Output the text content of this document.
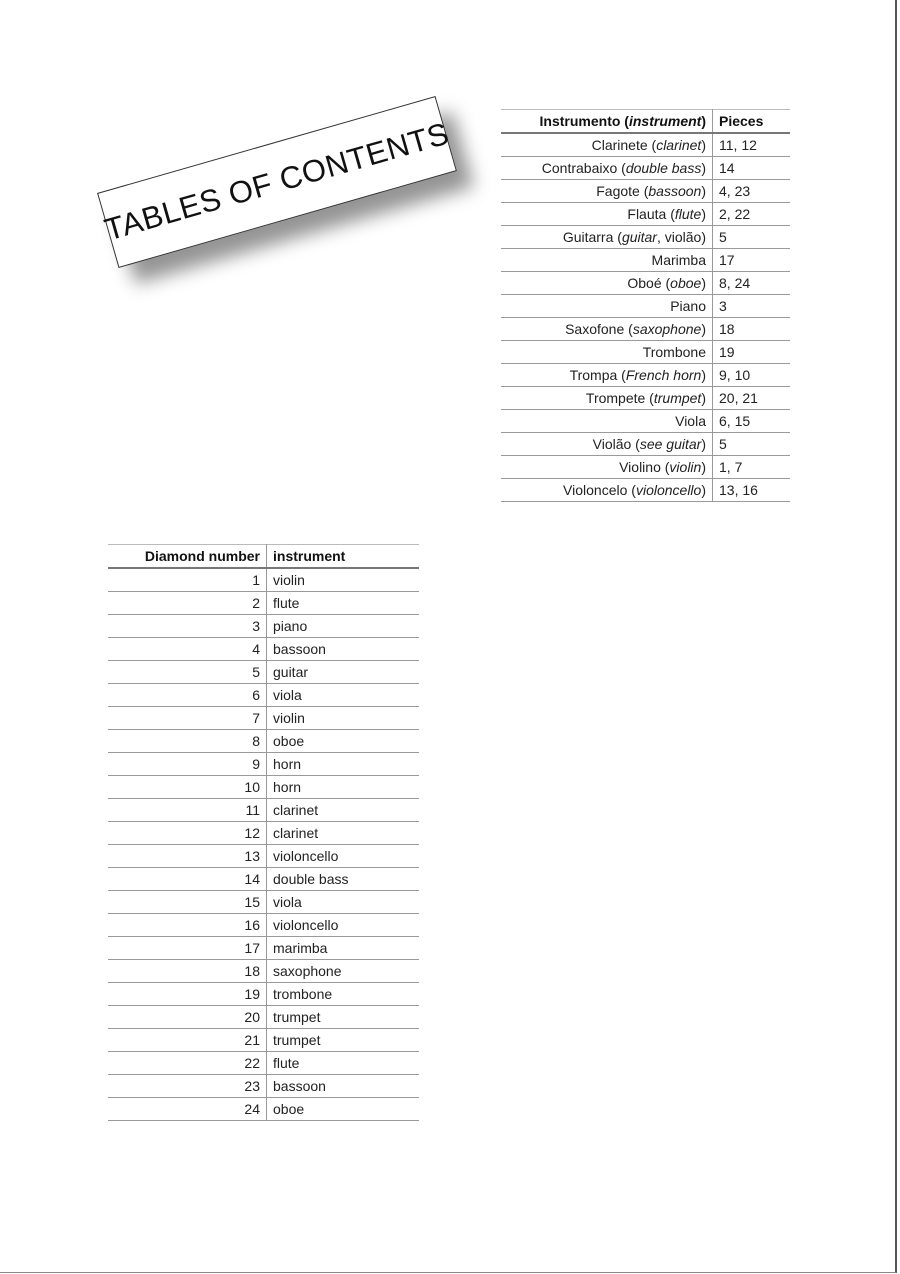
TABLES OF CONTENTS	Instrumento (instrument)	Pieces
Clarinete (clarinet)	11, 12
Contrabaixo (double bass)	14
Fagote (bassoon)	4, 23
Flauta (flute)	2, 22
Guitarra (guitar, violão)	5
Marimba	17
Oboé (oboe)	8, 24
Piano	3
Saxofone (saxophone)	18
Trombone	19
Trompa (French horn)	9, 10
Trompete (trumpet)	20, 21
Viola	6, 15
Violão (see guitar)	5
Violino (violin)	1, 7
Violoncelo (violoncello)	13, 16
Diamond number	instrument
1	violin
2	flute
3	piano
4	bassoon
5	guitar
6	viola
7	violin
8	oboe
9	horn
10	horn
11	clarinet
12	clarinet
13	violoncello
14	double bass
15	viola
16	violoncello
17	marimba
18	saxophone
19	trombone
20	trumpet
21	trumpet
22	flute
23	bassoon
24	oboe
